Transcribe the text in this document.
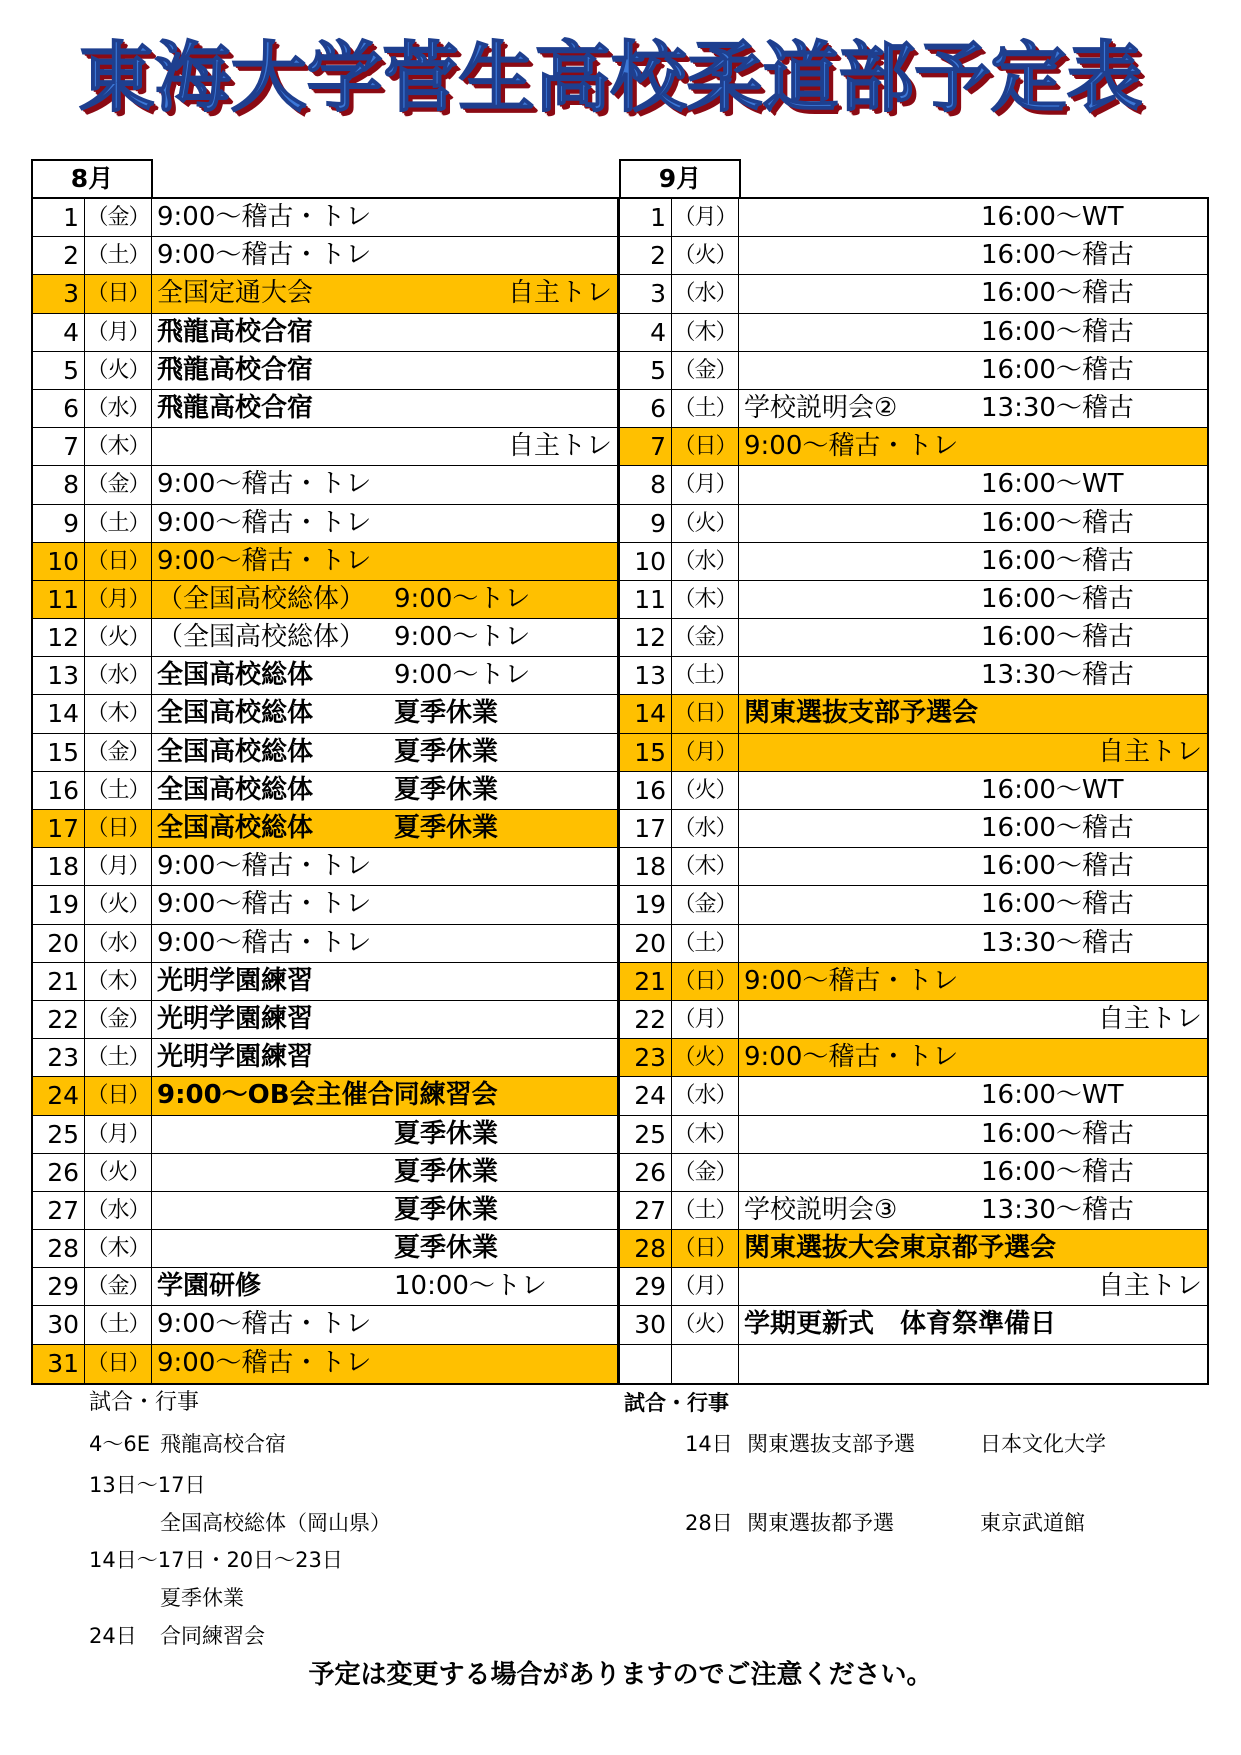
東海大学菅生高校柔道部予定表
8月
1 （金） 9:00～稽古・トレ
2 （土） 9:00～稽古・トレ
3 （日） 全国定通大会	自主トレ
4 （月） 飛龍高校合宿
5 （火） 飛龍高校合宿
6 （水） 飛龍高校合宿
7 （木）	自主トレ
8 （金） 9:00～稽古・トレ
9 （土） 9:00～稽古・トレ
10 （日） 9:00～稽古・トレ
11 （月） （全国高校総体） 9:00～トレ
12 （火） （全国高校総体） 9:00～トレ
13 （水） 全国高校総体	9:00～トレ
14 （木） 全国高校総体	夏季休業
15 （金） 全国高校総体	夏季休業
16 （土） 全国高校総体	夏季休業
17 （日） 全国高校総体	夏季休業
18 （月） 9:00～稽古・トレ
19 （火） 9:00～稽古・トレ
20 （水） 9:00～稽古・トレ
21 （木） 光明学園練習
22 （金） 光明学園練習
23 （土） 光明学園練習
24 （日） 9:00～OB会主催合同練習会
25 （月）	夏季休業
26 （火）	夏季休業
27 （水）	夏季休業
28 （木）	夏季休業
29 （金） 学園研修	10:00～トレ
30 （土） 9:00～稽古・トレ
31 （日） 9:00～稽古・トレ
9月
1 （月）	16:00～WT
2 （火）	16:00～稽古
3 （水）	16:00～稽古
4 （木）	16:00～稽古
5 （金）	16:00～稽古
6 （土） 学校説明会②	13:30～稽古
7 （日） 9:00～稽古・トレ
8 （月）	16:00～WT
9 （火）	16:00～稽古
10 （水）	16:00～稽古
11 （木）	16:00～稽古
12 （金）	16:00～稽古
13 （土）	13:30～稽古
14 （日） 関東選抜支部予選会
15 （月）	自主トレ
16 （火）	16:00～WT
17 （水）	16:00～稽古
18 （木）	16:00～稽古
19 （金）	16:00～稽古
20 （土）	13:30～稽古
21 （日） 9:00～稽古・トレ
22 （月）	自主トレ
23 （火） 9:00～稽古・トレ
24 （水）	16:00～WT
25 （木）	16:00～稽古
26 （金）	16:00～稽古
27 （土） 学校説明会③	13:30～稽古
28 （日） 関東選抜大会東京都予選会
29 （月）	自主トレ
30 （火） 学期更新式　体育祭準備日
試合・行事
4～6E 飛龍高校合宿
13日～17日
全国高校総体（岡山県）
14日～17日・20日～23日
夏季休業
24日 合同練習会
試合・行事
14日 関東選抜支部予選	日本文化大学
28日 関東選抜都予選	東京武道館
予定は変更する場合がありますのでご注意ください。
